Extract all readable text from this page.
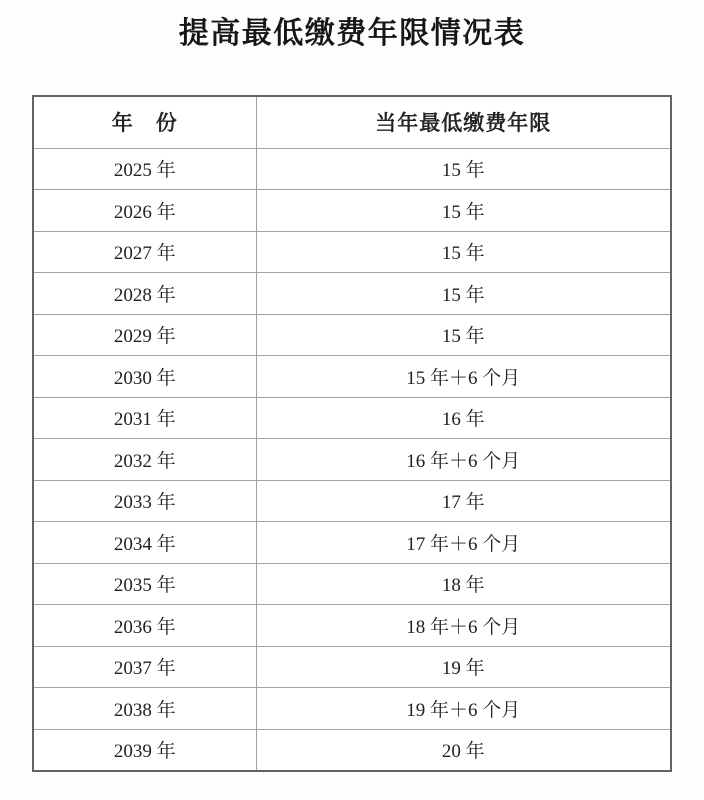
提高最低缴费年限情况表
年　份	当年最低缴费年限
2025 年	15 年
2026 年	15 年
2027 年	15 年
2028 年	15 年
2029 年	15 年
2030 年	15 年＋6 个月
2031 年	16 年
2032 年	16 年＋6 个月
2033 年	17 年
2034 年	17 年＋6 个月
2035 年	18 年
2036 年	18 年＋6 个月
2037 年	19 年
2038 年	19 年＋6 个月
2039 年	20 年
